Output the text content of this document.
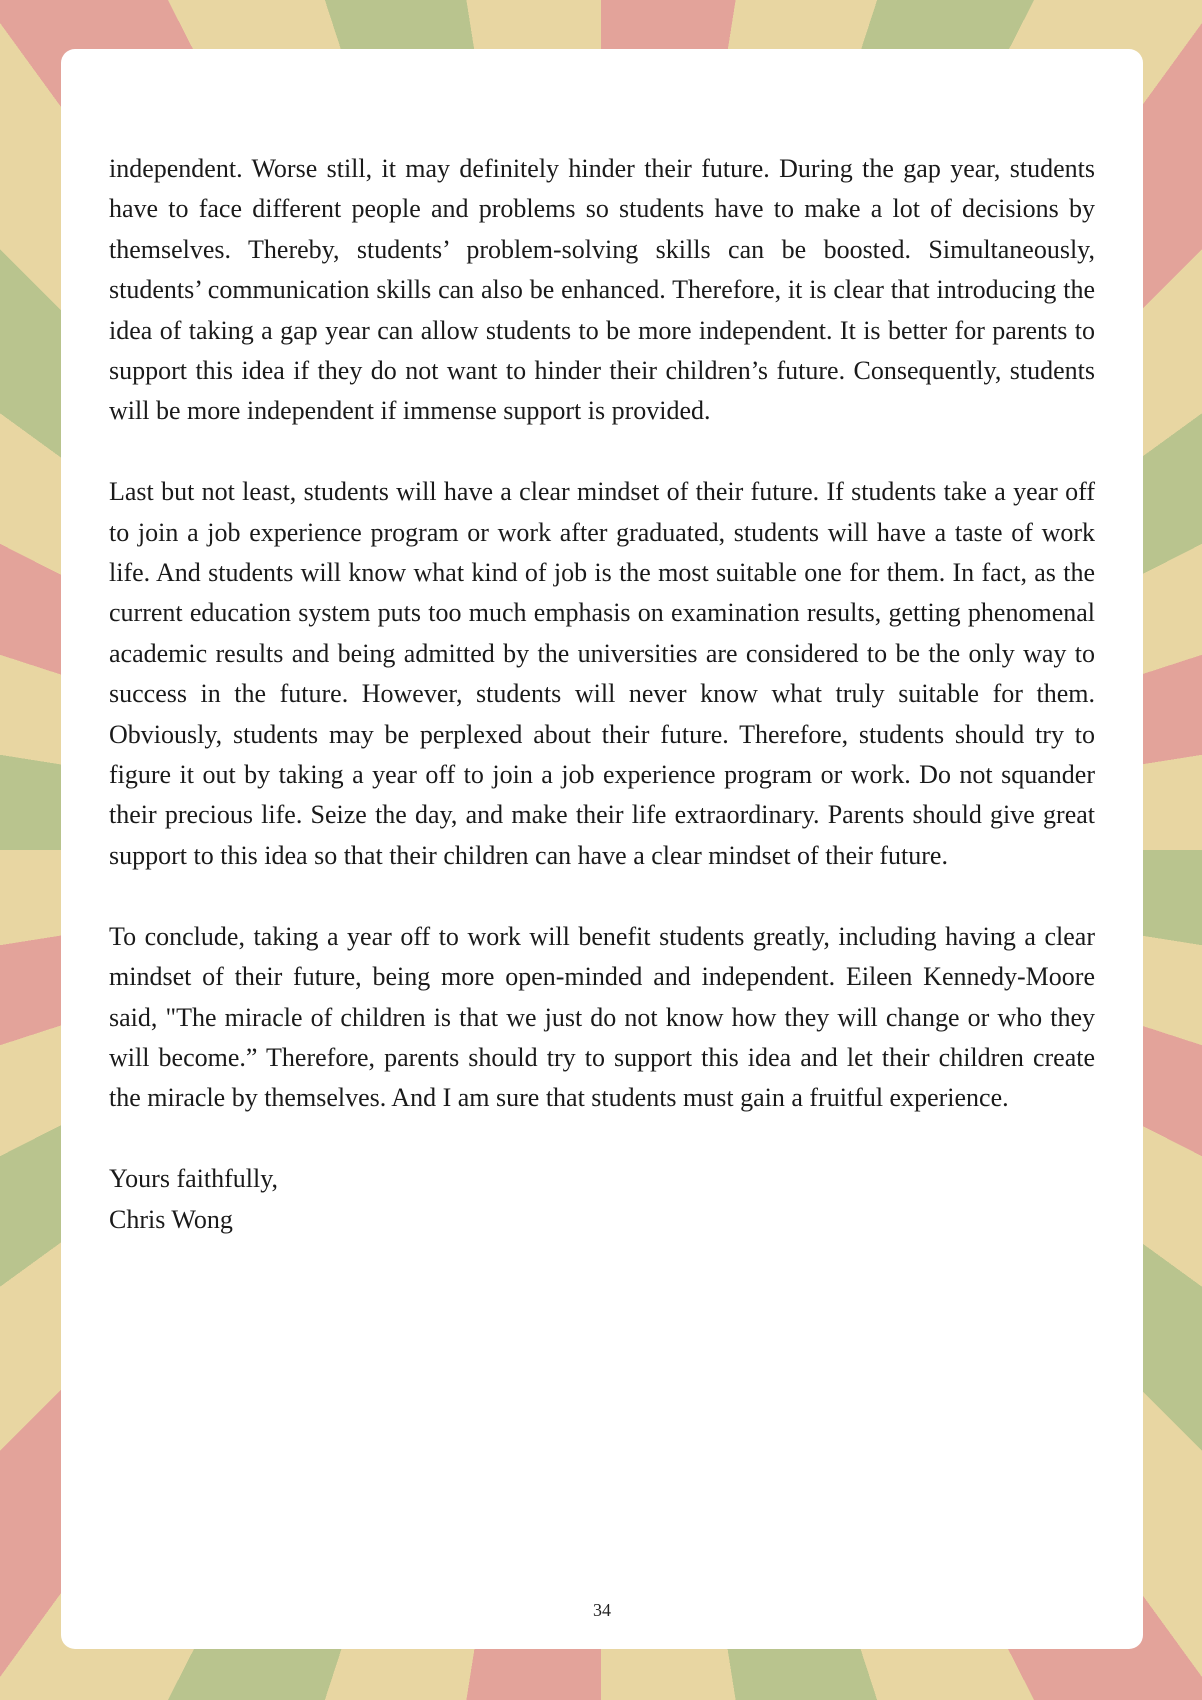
independent. Worse still, it may definitely hinder their future. During the gap year, students have to face different people and problems so students have to make a lot of decisions by themselves. Thereby, students’ problem-solving skills can be boosted. Simultaneously, students’ communication skills can also be enhanced. Therefore, it is clear that introducing the idea of taking a gap year can allow students to be more independent. It is better for parents to support this idea if they do not want to hinder their children’s future. Consequently, students will be more independent if immense support is provided.

Last but not least, students will have a clear mindset of their future. If students take a year off to join a job experience program or work after graduated, students will have a taste of work life. And students will know what kind of job is the most suitable one for them. In fact, as the current education system puts too much emphasis on examination results, getting phenomenal academic results and being admitted by the universities are considered to be the only way to success in the future. However, students will never know what truly suitable for them. Obviously, students may be perplexed about their future. Therefore, students should try to figure it out by taking a year off to join a job experience program or work. Do not squander their precious life. Seize the day, and make their life extraordinary. Parents should give great support to this idea so that their children can have a clear mindset of their future.

To conclude, taking a year off to work will benefit students greatly, including having a clear mindset of their future, being more open-minded and independent. Eileen Kennedy-Moore said, "The miracle of children is that we just do not know how they will change or who they will become.” Therefore, parents should try to support this idea and let their children create the miracle by themselves. And I am sure that students must gain a fruitful experience.

Yours faithfully,

Chris Wong

34
